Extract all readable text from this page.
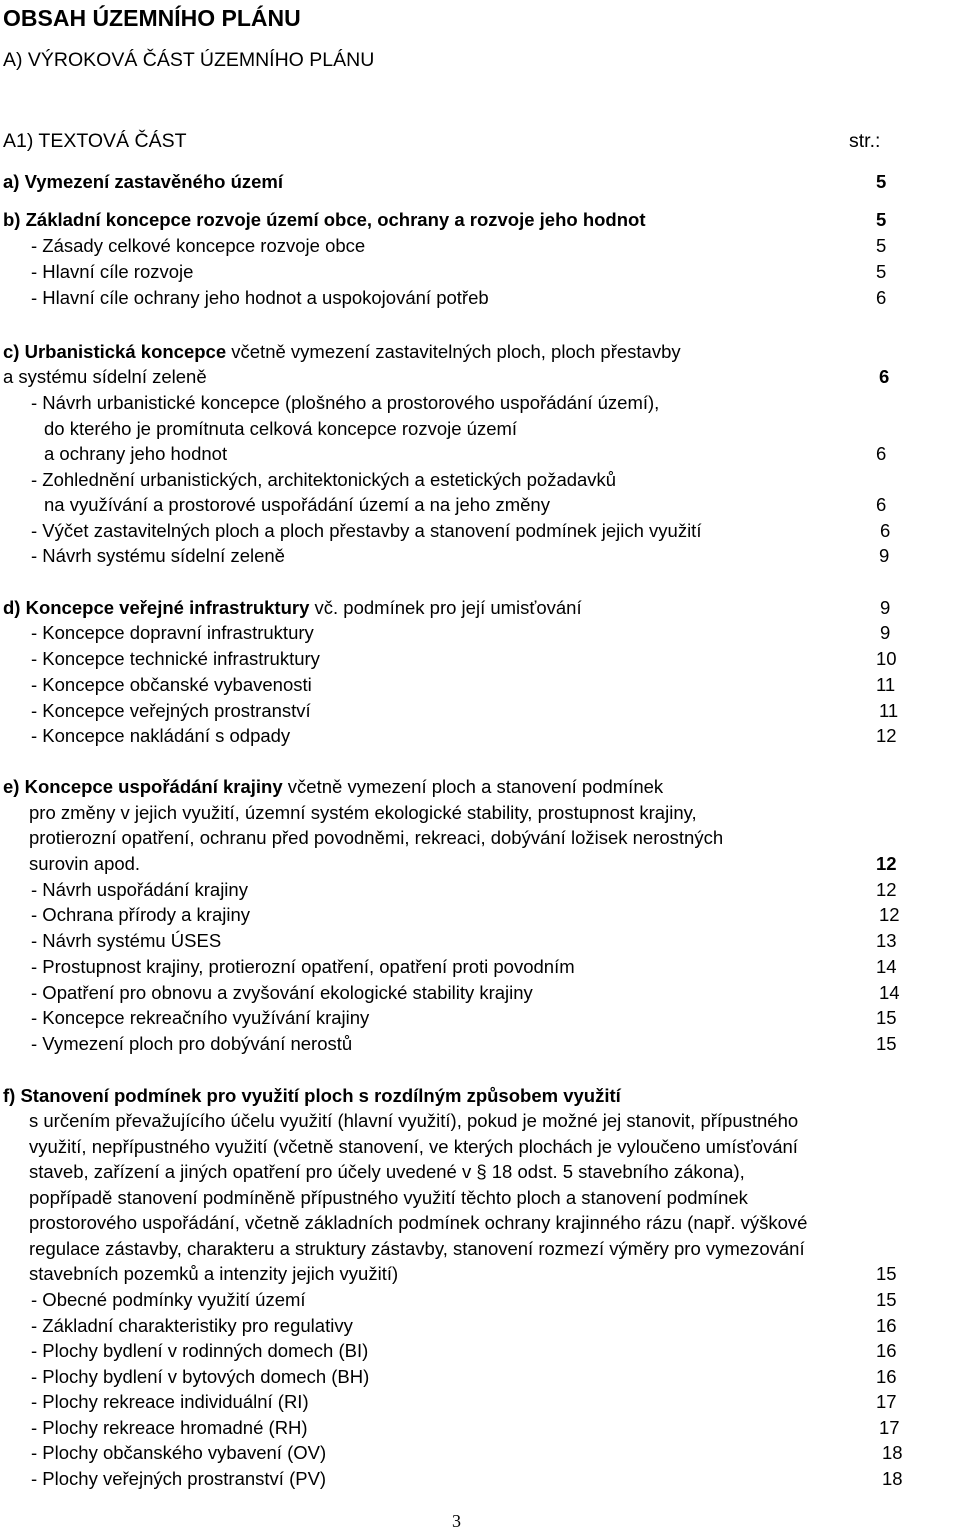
OBSAH ÚZEMNÍHO PLÁNU
A) VÝROKOVÁ ČÁST ÚZEMNÍHO PLÁNU
A1) TEXTOVÁ ČÁST	str.:
a) Vymezení zastavěného území	5
b) Základní koncepce rozvoje území obce, ochrany a rozvoje jeho hodnot	5
- Zásady celkové koncepce rozvoje obce	5
- Hlavní cíle rozvoje	5
- Hlavní cíle ochrany jeho hodnot a uspokojování potřeb	6
c) Urbanistická koncepce včetně vymezení zastavitelných ploch, ploch přestavby
a systému sídelní zeleně	6
- Návrh urbanistické koncepce (plošného a prostorového uspořádání území),
do kterého je promítnuta celková koncepce rozvoje území
a ochrany jeho hodnot	6
- Zohlednění urbanistických, architektonických a estetických požadavků
na využívání a prostorové uspořádání území a na jeho změny	6
- Výčet zastavitelných ploch a ploch přestavby a stanovení podmínek jejich využití	6
- Návrh systému sídelní zeleně	9
d) Koncepce veřejné infrastruktury vč. podmínek pro její umisťování	9
- Koncepce dopravní infrastruktury	9
- Koncepce technické infrastruktury	10
- Koncepce občanské vybavenosti	11
- Koncepce veřejných prostranství	11
- Koncepce nakládání s odpady	12
e) Koncepce uspořádání krajiny včetně vymezení ploch a stanovení podmínek
pro změny v jejich využití, územní systém ekologické stability, prostupnost krajiny,
protierozní opatření, ochranu před povodněmi, rekreaci, dobývání ložisek nerostných
surovin apod.	12
- Návrh uspořádání krajiny	12
- Ochrana přírody a krajiny	12
- Návrh systému ÚSES	13
- Prostupnost krajiny, protierozní opatření, opatření proti povodním	14
- Opatření pro obnovu a zvyšování ekologické stability krajiny	14
- Koncepce rekreačního využívání krajiny	15
- Vymezení ploch pro dobývání nerostů	15
f) Stanovení podmínek pro využití ploch s rozdílným způsobem využití
s určením převažujícího účelu využití (hlavní využití), pokud je možné jej stanovit, přípustného
využití, nepřípustného využití (včetně stanovení, ve kterých plochách je vyloučeno umísťování
staveb, zařízení a jiných opatření pro účely uvedené v § 18 odst. 5 stavebního zákona),
popřípadě stanovení podmíněně přípustného využití těchto ploch a stanovení podmínek
prostorového uspořádání, včetně základních podmínek ochrany krajinného rázu (např. výškové
regulace zástavby, charakteru a struktury zástavby, stanovení rozmezí výměry pro vymezování
stavebních pozemků a intenzity jejich využití)	15
- Obecné podmínky využití území	15
- Základní charakteristiky pro regulativy	16
- Plochy bydlení v rodinných domech (BI)	16
- Plochy bydlení v bytových domech (BH)	16
- Plochy rekreace individuální (RI)	17
- Plochy rekreace hromadné (RH)	17
- Plochy občanského vybavení (OV)	18
- Plochy veřejných prostranství (PV)	18
3
